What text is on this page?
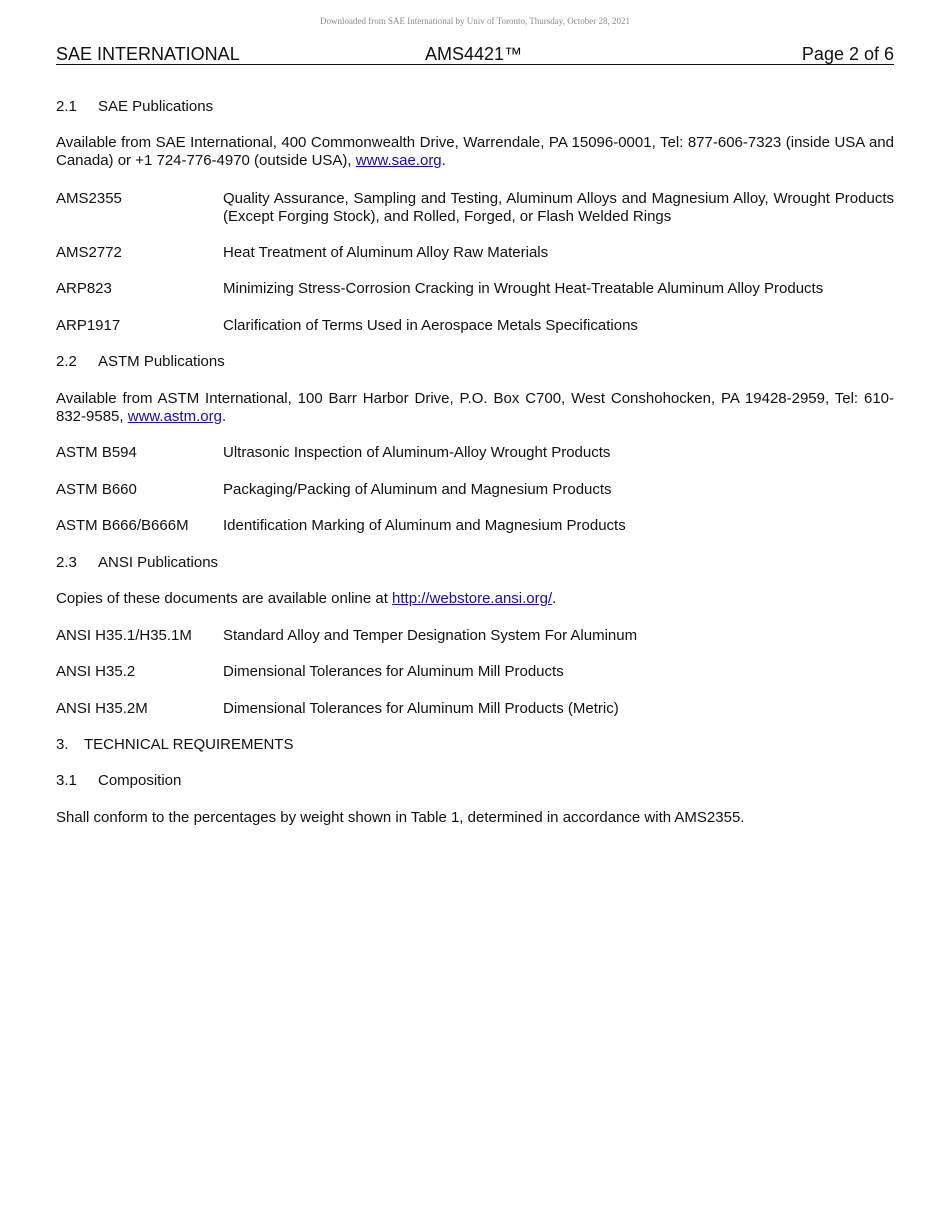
Downloaded from SAE International by Univ of Toronto, Thursday, October 28, 2021
SAE INTERNATIONAL	AMS4421™	Page 2 of 6
2.1 SAE Publications
Available from SAE International, 400 Commonwealth Drive, Warrendale, PA 15096-0001, Tel: 877-606-7323 (inside USA and Canada) or +1 724-776-4970 (outside USA), www.sae.org.
AMS2355	Quality Assurance, Sampling and Testing, Aluminum Alloys and Magnesium Alloy, Wrought Products (Except Forging Stock), and Rolled, Forged, or Flash Welded Rings
AMS2772	Heat Treatment of Aluminum Alloy Raw Materials
ARP823	Minimizing Stress-Corrosion Cracking in Wrought Heat-Treatable Aluminum Alloy Products
ARP1917	Clarification of Terms Used in Aerospace Metals Specifications
2.2 ASTM Publications
Available from ASTM International, 100 Barr Harbor Drive, P.O. Box C700, West Conshohocken, PA 19428-2959, Tel: 610-832-9585, www.astm.org.
ASTM B594	Ultrasonic Inspection of Aluminum-Alloy Wrought Products
ASTM B660	Packaging/Packing of Aluminum and Magnesium Products
ASTM B666/B666M Identification Marking of Aluminum and Magnesium Products
2.3 ANSI Publications
Copies of these documents are available online at http://webstore.ansi.org/.
ANSI H35.1/H35.1M Standard Alloy and Temper Designation System For Aluminum
ANSI H35.2	Dimensional Tolerances for Aluminum Mill Products
ANSI H35.2M	Dimensional Tolerances for Aluminum Mill Products (Metric)
3. TECHNICAL REQUIREMENTS
3.1 Composition
Shall conform to the percentages by weight shown in Table 1, determined in accordance with AMS2355.
